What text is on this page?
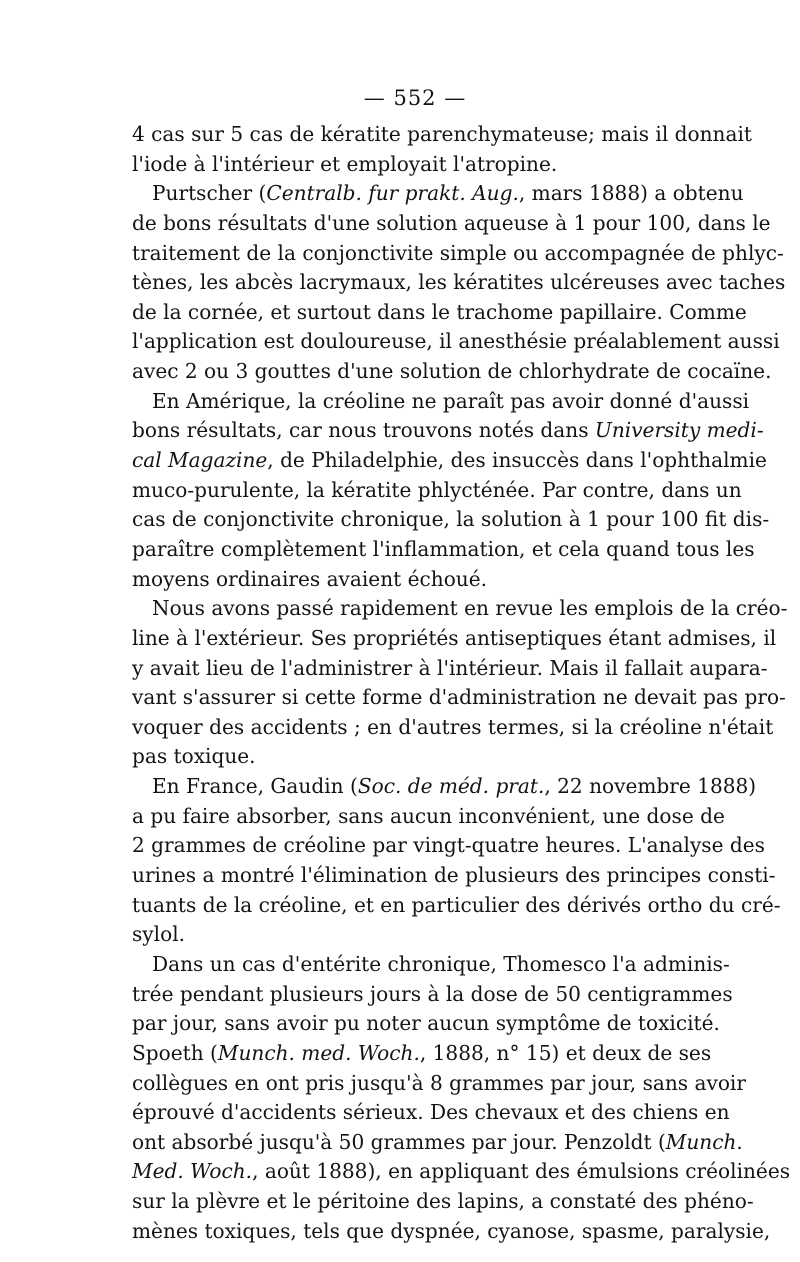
— 552 —
4 cas sur 5 cas de kératite parenchymateuse; mais il donnait
l'iode à l'intérieur et employait l'atropine.
Purtscher (Centralb. fur prakt. Aug., mars 1888) a obtenu
de bons résultats d'une solution aqueuse à 1 pour 100, dans le
traitement de la conjonctivite simple ou accompagnée de phlyc-
tènes, les abcès lacrymaux, les kératites ulcéreuses avec taches
de la cornée, et surtout dans le trachome papillaire. Comme
l'application est douloureuse, il anesthésie préalablement aussi
avec 2 ou 3 gouttes d'une solution de chlorhydrate de cocaïne.
En Amérique, la créoline ne paraît pas avoir donné d'aussi
bons résultats, car nous trouvons notés dans University medi-
cal Magazine, de Philadelphie, des insuccès dans l'ophthalmie
muco-purulente, la kératite phlycténée. Par contre, dans un
cas de conjonctivite chronique, la solution à 1 pour 100 fit dis-
paraître complètement l'inflammation, et cela quand tous les
moyens ordinaires avaient échoué.
Nous avons passé rapidement en revue les emplois de la créo-
line à l'extérieur. Ses propriétés antiseptiques étant admises, il
y avait lieu de l'administrer à l'intérieur. Mais il fallait aupara-
vant s'assurer si cette forme d'administration ne devait pas pro-
voquer des accidents ; en d'autres termes, si la créoline n'était
pas toxique.
En France, Gaudin (Soc. de méd. prat., 22 novembre 1888)
a pu faire absorber, sans aucun inconvénient, une dose de
2 grammes de créoline par vingt-quatre heures. L'analyse des
urines a montré l'élimination de plusieurs des principes consti-
tuants de la créoline, et en particulier des dérivés ortho du cré-
sylol.
Dans un cas d'entérite chronique, Thomesco l'a adminis-
trée pendant plusieurs jours à la dose de 50 centigrammes
par jour, sans avoir pu noter aucun symptôme de toxicité.
Spoeth (Munch. med. Woch., 1888, n° 15) et deux de ses
collègues en ont pris jusqu'à 8 grammes par jour, sans avoir
éprouvé d'accidents sérieux. Des chevaux et des chiens en
ont absorbé jusqu'à 50 grammes par jour. Penzoldt (Munch.
Med. Woch., août 1888), en appliquant des émulsions créolinées
sur la plèvre et le péritoine des lapins, a constaté des phéno-
mènes toxiques, tels que dyspnée, cyanose, spasme, paralysie,
